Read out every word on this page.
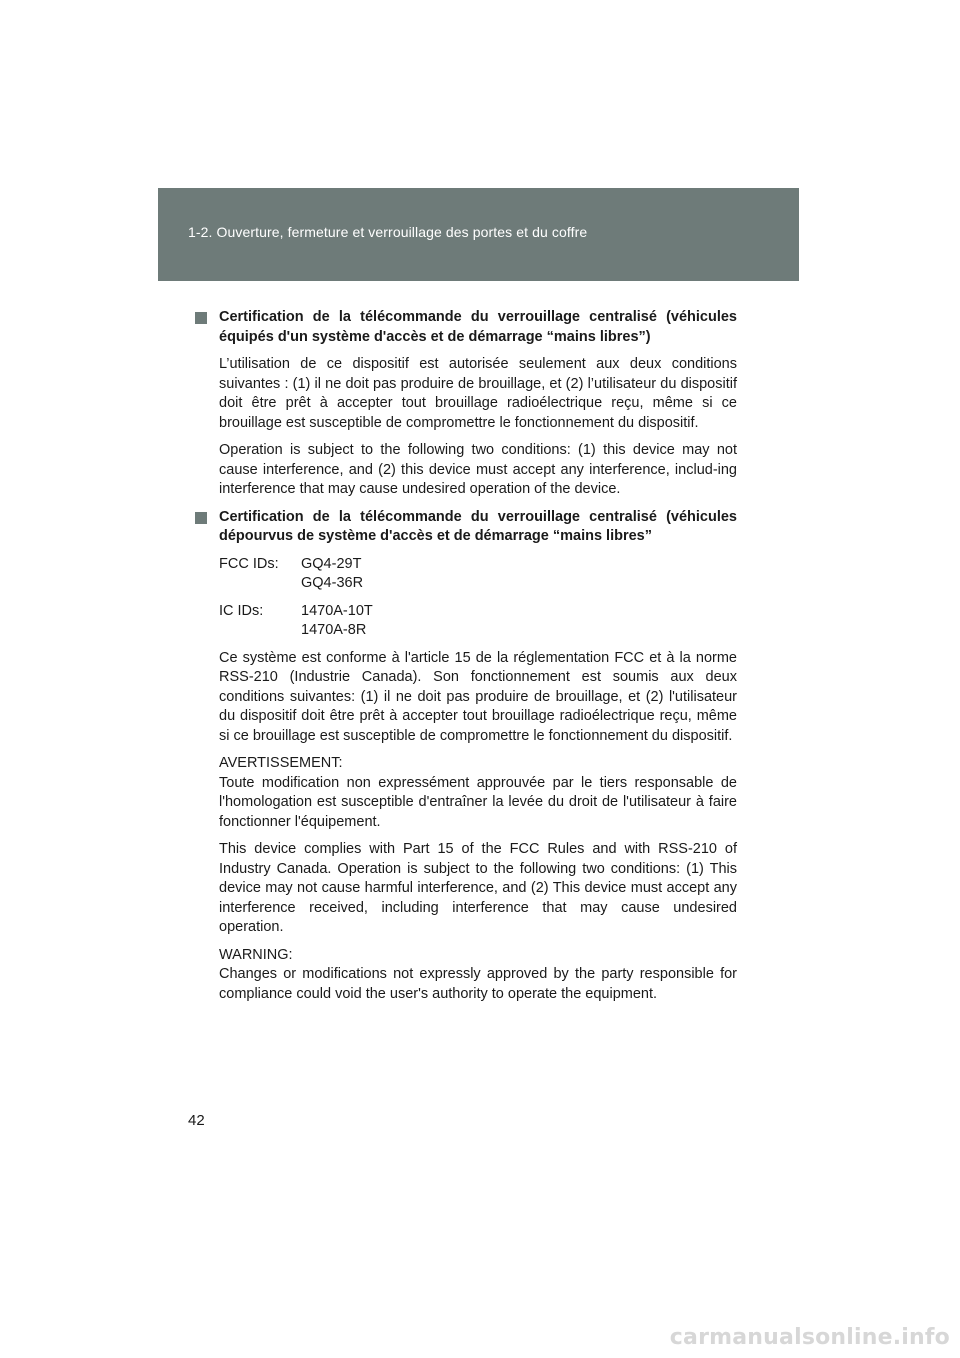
1-2. Ouverture, fermeture et verrouillage des portes et du coffre
Certification de la télécommande du verrouillage centralisé (véhicules équipés d'un système d'accès et de démarrage “mains libres”)

L’utilisation de ce dispositif est autorisée seulement aux deux conditions suivantes : (1) il ne doit pas produire de brouillage, et (2) l’utilisateur du dispositif doit être prêt à accepter tout brouillage radioélectrique reçu, même si ce brouillage est susceptible de compromettre le fonctionnement du dispositif.

Operation is subject to the following two conditions: (1) this device may not cause interference, and (2) this device must accept any interference, includ-ing interference that may cause undesired operation of the device.

Certification de la télécommande du verrouillage centralisé (véhicules dépourvus de système d'accès et de démarrage “mains libres”
FCC IDs:	GQ4-29T
GQ4-36R
IC IDs:	1470A-10T
1470A-8R

Ce système est conforme à l'article 15 de la réglementation FCC et à la norme RSS-210 (Industrie Canada). Son fonctionnement est soumis aux deux conditions suivantes: (1) il ne doit pas produire de brouillage, et (2) l'utilisateur du dispositif doit être prêt à accepter tout brouillage radioélectrique reçu, même si ce brouillage est susceptible de compromettre le fonctionnement du dispositif.

AVERTISSEMENT:
Toute modification non expressément approuvée par le tiers responsable de l'homologation est susceptible d'entraîner la levée du droit de l'utilisateur à faire fonctionner l'équipement.

This device complies with Part 15 of the FCC Rules and with RSS-210 of Industry Canada. Operation is subject to the following two conditions: (1) This device may not cause harmful interference, and (2) This device must accept any interference received, including interference that may cause undesired operation.

WARNING:
Changes or modifications not expressly approved by the party responsible for compliance could void the user's authority to operate the equipment.
42
carmanualsonline.info
